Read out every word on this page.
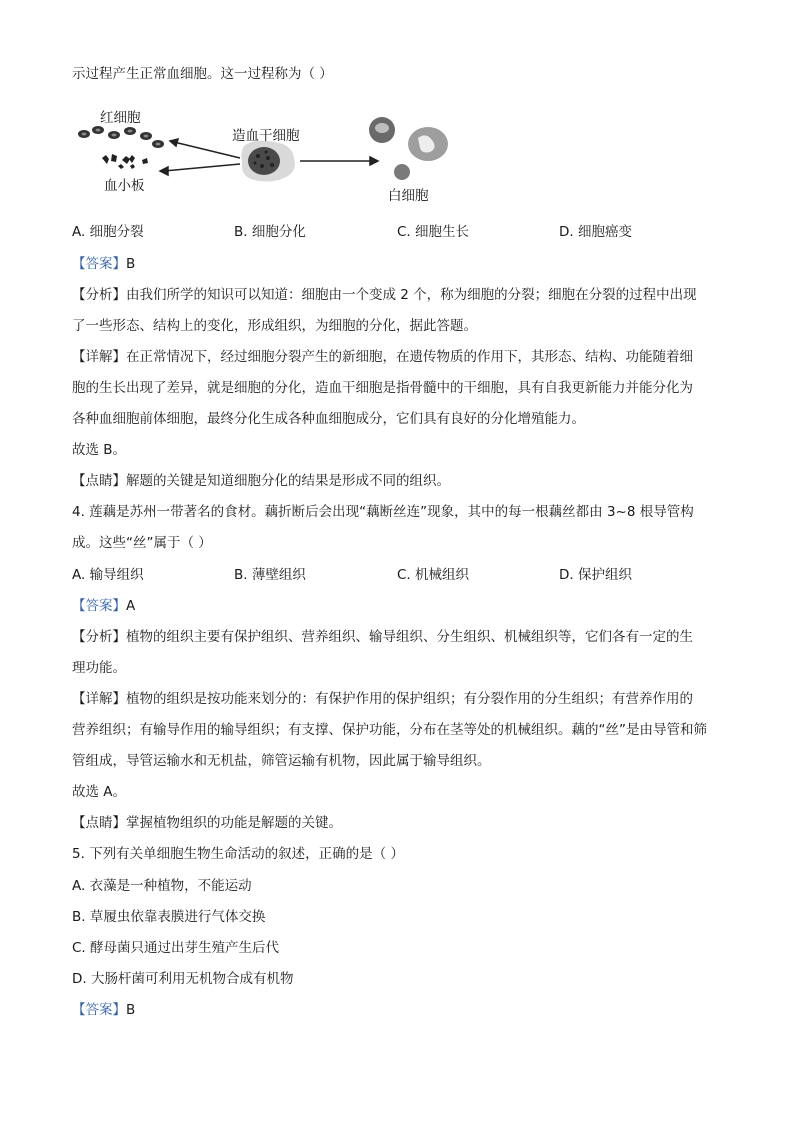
示过程产生正常血细胞。这一过程称为（ ）
红细胞
血小板
造血干细胞
白细胞
A. 细胞分裂	B. 细胞分化	C. 细胞生长	D. 细胞癌变
【答案】B
【分析】由我们所学的知识可以知道：细胞由一个变成 2 个，称为细胞的分裂；细胞在分裂的过程中出现
了一些形态、结构上的变化，形成组织，为细胞的分化，据此答题。
【详解】在正常情况下，经过细胞分裂产生的新细胞，在遗传物质的作用下，其形态、结构、功能随着细
胞的生长出现了差异，就是细胞的分化，造血干细胞是指骨髓中的干细胞，具有自我更新能力并能分化为
各种血细胞前体细胞，最终分化生成各种血细胞成分，它们具有良好的分化增殖能力。
故选 B。
【点睛】解题的关键是知道细胞分化的结果是形成不同的组织。
4. 莲藕是苏州一带著名的食材。藕折断后会出现“藕断丝连”现象，其中的每一根藕丝都由 3~8 根导管构
成。这些“丝”属于（ ）
A. 输导组织	B. 薄壁组织	C. 机械组织	D. 保护组织
【答案】A
【分析】植物的组织主要有保护组织、营养组织、输导组织、分生组织、机械组织等，它们各有一定的生
理功能。
【详解】植物的组织是按功能来划分的：有保护作用的保护组织；有分裂作用的分生组织；有营养作用的
营养组织；有输导作用的输导组织；有支撑、保护功能，分布在茎等处的机械组织。藕的“丝”是由导管和筛
管组成，导管运输水和无机盐，筛管运输有机物，因此属于输导组织。
故选 A。
【点睛】掌握植物组织的功能是解题的关键。
5. 下列有关单细胞生物生命活动的叙述，正确的是（ ）
A. 衣藻是一种植物，不能运动
B. 草履虫依靠表膜进行气体交换
C. 酵母菌只通过出芽生殖产生后代
D. 大肠杆菌可利用无机物合成有机物
【答案】B
